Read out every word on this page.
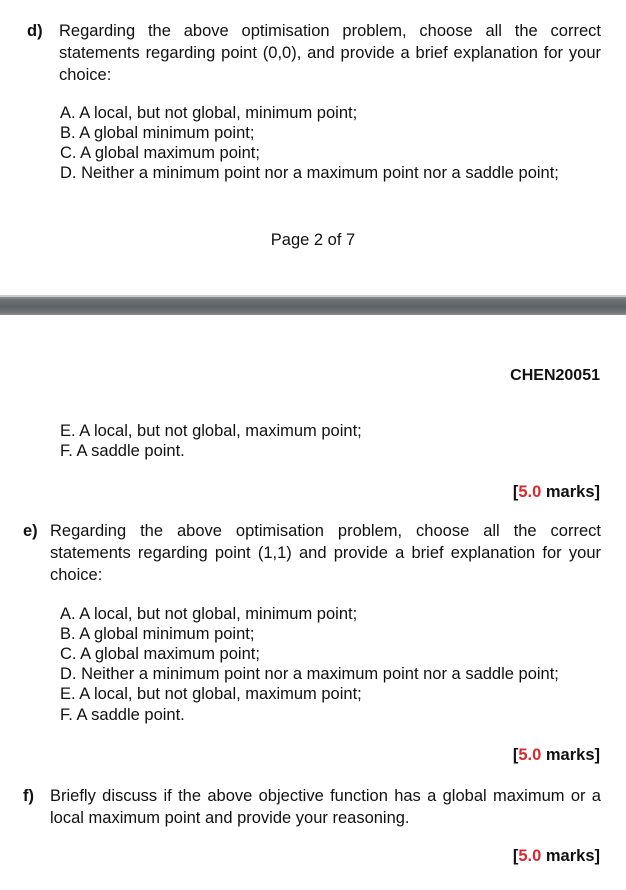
d) Regarding the above optimisation problem, choose all the correct statements regarding point (0,0), and provide a brief explanation for your choice:
A. A local, but not global, minimum point;
B. A global minimum point;
C. A global maximum point;
D. Neither a minimum point nor a maximum point nor a saddle point;
Page 2 of 7
CHEN20051
E. A local, but not global, maximum point;
F. A saddle point.
[5.0 marks]
e) Regarding the above optimisation problem, choose all the correct statements regarding point (1,1) and provide a brief explanation for your choice:
A. A local, but not global, minimum point;
B. A global minimum point;
C. A global maximum point;
D. Neither a minimum point nor a maximum point nor a saddle point;
E. A local, but not global, maximum point;
F. A saddle point.
[5.0 marks]
f) Briefly discuss if the above objective function has a global maximum or a local maximum point and provide your reasoning.
[5.0 marks]
